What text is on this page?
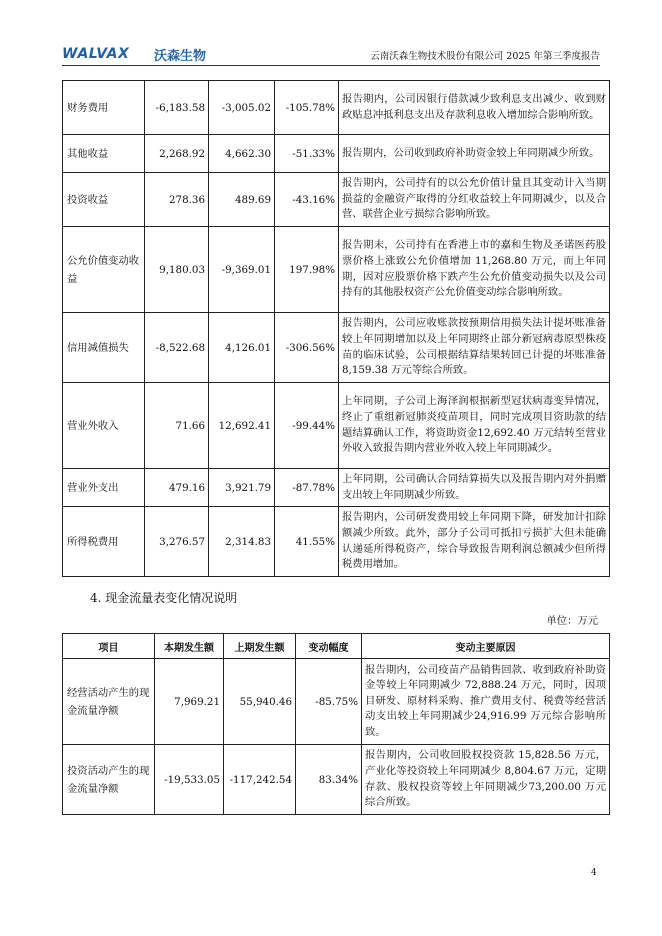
WALVAX 沃森生物	云南沃森生物技术股份有限公司 2025 年第三季度报告
财务费用	-6,183.58	-3,005.02	-105.78%	报告期内，公司因银行借款减少致利息支出减少、收到财政贴息冲抵利息支出及存款利息收入增加综合影响所致。
其他收益	2,268.92	4,662.30	-51.33%	报告期内，公司收到政府补助资金较上年同期减少所致。
投资收益	278.36	489.69	-43.16%	报告期内，公司持有的以公允价值计量且其变动计入当期损益的金融资产取得的分红收益较上年同期减少，以及合营、联营企业亏损综合影响所致。
公允价值变动收益	9,180.03	-9,369.01	197.98%	报告期末，公司持有在香港上市的嘉和生物及圣诺医药股票价格上涨致公允价值增加 11,268.80 万元，而上年同期，因对应股票价格下跌产生公允价值变动损失以及公司持有的其他股权资产公允价值变动综合影响所致。
信用减值损失	-8,522.68	4,126.01	-306.56%	报告期内，公司应收账款按预期信用损失法计提坏账准备较上年同期增加以及上年同期终止部分新冠病毒原型株疫苗的临床试验，公司根据结算结果转回已计提的坏账准备 8,159.38 万元等综合所致。
营业外收入	71.66	12,692.41	-99.44%	上年同期，子公司上海泽润根据新型冠状病毒变异情况，终止了重组新冠肺炎疫苗项目，同时完成项目资助款的结题结算确认工作，将资助资金12,692.40 万元结转至营业外收入致报告期内营业外收入较上年同期减少。
营业外支出	479.16	3,921.79	-87.78%	上年同期，公司确认合同结算损失以及报告期内对外捐赠支出较上年同期减少所致。
所得税费用	3,276.57	2,314.83	41.55%	报告期内，公司研发费用较上年同期下降，研发加计扣除额减少所致。此外，部分子公司可抵扣亏损扩大但未能确认递延所得税资产，综合导致报告期利润总额减少但所得税费用增加。
4. 现金流量表变化情况说明
单位：万元
项目	本期发生额	上期发生额	变动幅度	变动主要原因
经营活动产生的现金流量净额	7,969.21	55,940.46	-85.75%	报告期内，公司疫苗产品销售回款、收到政府补助资金等较上年同期减少 72,888.24 万元，同时，因项目研发、原材料采购、推广费用支付、税费等经营活动支出较上年同期减少24,916.99 万元综合影响所致。
投资活动产生的现金流量净额	-19,533.05	-117,242.54	83.34%	报告期内，公司收回股权投资款 15,828.56 万元，产业化等投资较上年同期减少 8,804.67 万元，定期存款、股权投资等较上年同期减少73,200.00 万元综合所致。
4
